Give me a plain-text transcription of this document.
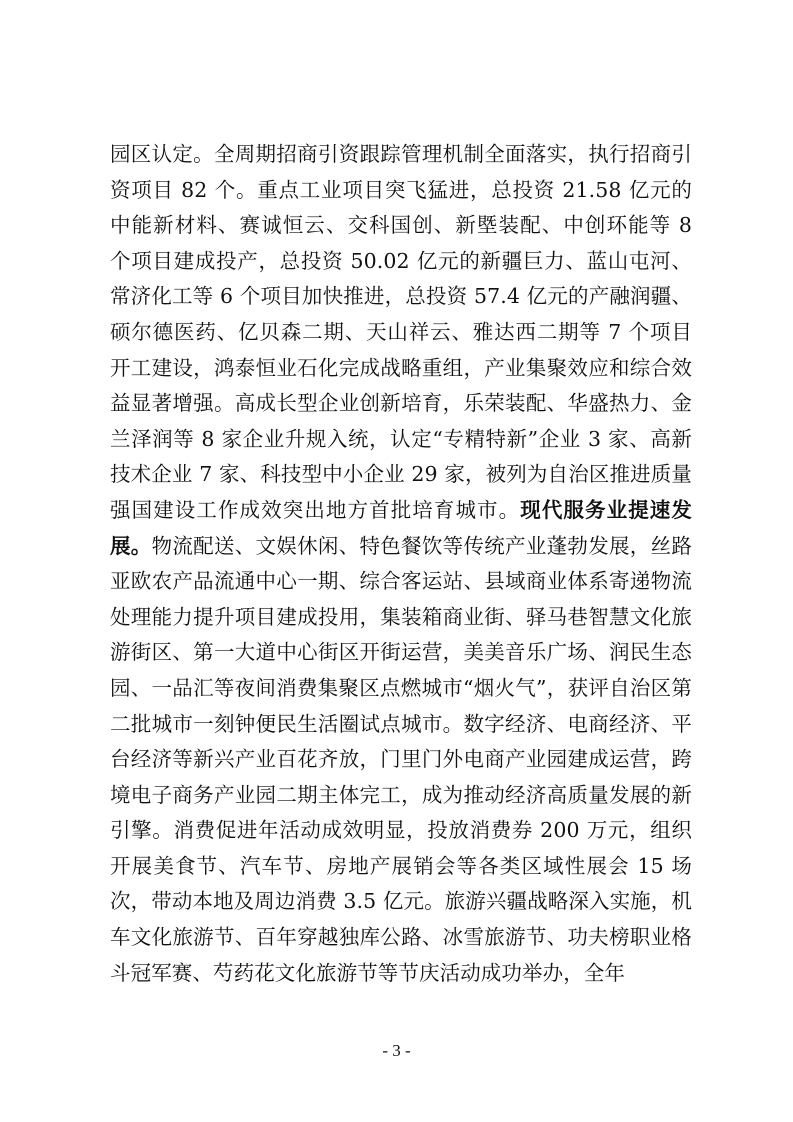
园区认定。全周期招商引资跟踪管理机制全面落实，执行招商引资项目 82 个。重点工业项目突飞猛进，总投资 21.58 亿元的中能新材料、赛诚恒云、交科国创、新塈装配、中创环能等 8 个项目建成投产，总投资 50.02 亿元的新疆巨力、蓝山屯河、常济化工等 6 个项目加快推进，总投资 57.4 亿元的产融润疆、硕尔德医药、亿贝森二期、天山祥云、雅达西二期等 7 个项目开工建设，鸿泰恒业石化完成战略重组，产业集聚效应和综合效益显著增强。高成长型企业创新培育，乐荣装配、华盛热力、金兰泽润等 8 家企业升规入统，认定“专精特新”企业 3 家、高新技术企业 7 家、科技型中小企业 29 家，被列为自治区推进质量强国建设工作成效突出地方首批培育城市。现代服务业提速发展。物流配送、文娱休闲、特色餐饮等传统产业蓬勃发展，丝路亚欧农产品流通中心一期、综合客运站、县域商业体系寄递物流处理能力提升项目建成投用，集装箱商业街、驿马巷智慧文化旅游街区、第一大道中心街区开街运营，美美音乐广场、润民生态园、一品汇等夜间消费集聚区点燃城市“烟火气”，获评自治区第二批城市一刻钟便民生活圈试点城市。数字经济、电商经济、平台经济等新兴产业百花齐放，门里门外电商产业园建成运营，跨境电子商务产业园二期主体完工，成为推动经济高质量发展的新引擎。消费促进年活动成效明显，投放消费券 200 万元，组织开展美食节、汽车节、房地产展销会等各类区域性展会 15 场次，带动本地及周边消费 3.5 亿元。旅游兴疆战略深入实施，机车文化旅游节、百年穿越独库公路、冰雪旅游节、功夫榜职业格斗冠军赛、芍药花文化旅游节等节庆活动成功举办，全年

- 3 -
